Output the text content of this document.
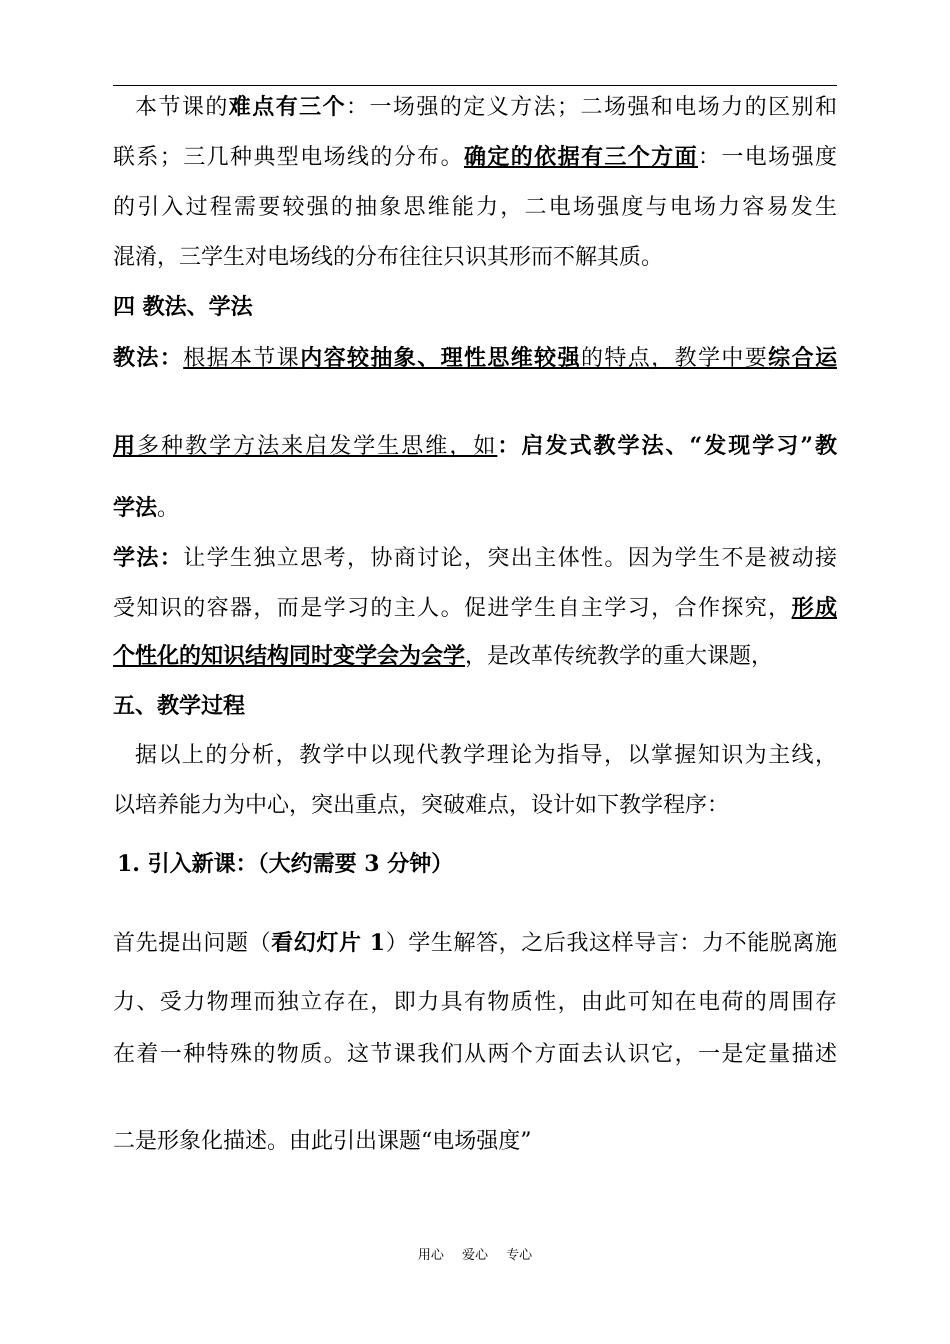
本节课的难点有三个：一场强的定义方法；二场强和电场力的区别和
联系；三几种典型电场线的分布。确定的依据有三个方面：一电场强度
的引入过程需要较强的抽象思维能力，二电场强度与电场力容易发生
混淆，三学生对电场线的分布往往只识其形而不解其质。
四 教法、学法
教法：根据本节课内容较抽象、理性思维较强的特点，教学中要综合运
用多种教学方法来启发学生思维，如：启发式教学法、“发现学习”教
学法。
学法：让学生独立思考，协商讨论，突出主体性。因为学生不是被动接
受知识的容器，而是学习的主人。促进学生自主学习，合作探究，形成
个性化的知识结构同时变学会为会学，是改革传统教学的重大课题，
五、教学过程
据以上的分析，教学中以现代教学理论为指导，以掌握知识为主线，
以培养能力为中心，突出重点，突破难点，设计如下教学程序：
1. 引入新课：（大约需要 3 分钟）
首先提出问题（看幻灯片 1）学生解答，之后我这样导言：力不能脱离施
力、受力物理而独立存在，即力具有物质性，由此可知在电荷的周围存
在着一种特殊的物质。这节课我们从两个方面去认识它，一是定量描述
二是形象化描述。由此引出课题“电场强度”
用心 爱心 专心
